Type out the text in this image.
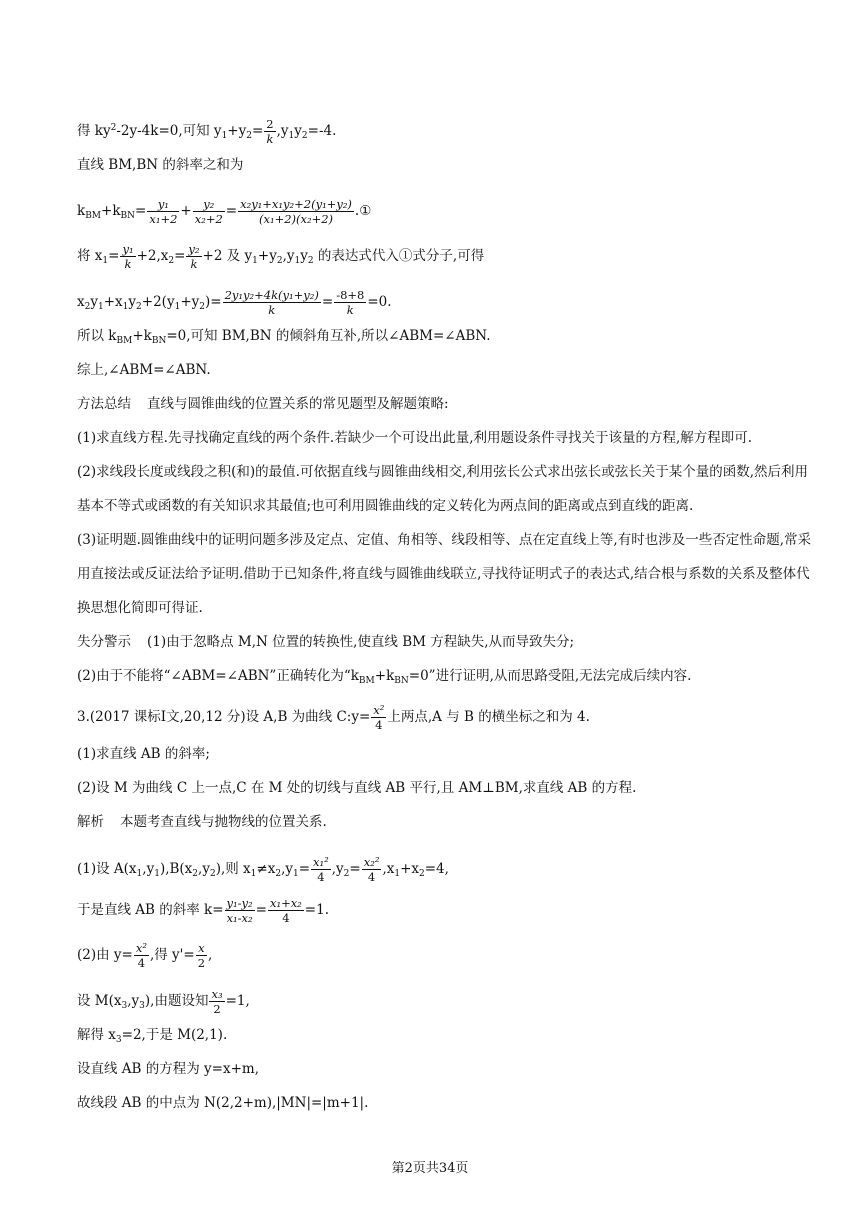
得 $ky^2-2y-4k=0$,可知 $y_1+y_2= \frac{2}{k} ,y_1y_2=-4$.
直线 BM,BN 的斜率之和为
$k_{BM}+k_{BN}= \frac{\text{y₁}}{\text{x₁+2}} + \frac{\text{y₂}}{\text{x₂+2}} = \frac{\text{x₂y₁+x₁y₂+2(y₁+y₂)}}{\text{(x₁+2)(x₂+2)}}$ .①
将 $x_1= \frac{\text{y₁}}{k} +2,x_2= \frac{\text{y₂}}{k} +2$ 及 $y_1+y_2,y_1y_2$ 的表达式代入①式分子,可得
$x_2y_1+x_1y_2+2(y_1+y_2)= \frac{\text{2y₁y₂+4k(y₁+y₂)}}{k} = \frac{-8+8}{k} =0$.
所以 $k_{BM}+k_{BN}=0$,可知 BM,BN 的倾斜角互补,所以∠ABM=∠ABN.
综上,∠ABM=∠ABN.
方法总结 直线与圆锥曲线的位置关系的常见题型及解题策略:
(1)求直线方程.先寻找确定直线的两个条件.若缺少一个可设出此量,利用题设条件寻找关于该量的方程,解方程即可.
(2)求线段长度或线段之积(和)的最值.可依据直线与圆锥曲线相交,利用弦长公式求出弦长或弦长关于某个量的函数,然后利用
基本不等式或函数的有关知识求其最值;也可利用圆锥曲线的定义转化为两点间的距离或点到直线的距离.
(3)证明题.圆锥曲线中的证明问题多涉及定点、定值、角相等、线段相等、点在定直线上等,有时也涉及一些否定性命题,常采
用直接法或反证法给予证明.借助于已知条件,将直线与圆锥曲线联立,寻找待证明式子的表达式,结合根与系数的关系及整体代
换思想化简即可得证.
失分警示 (1)由于忽略点 M,N 位置的转换性,使直线 BM 方程缺失,从而导致失分;
(2)由于不能将“∠ABM=∠ABN”正确转化为“$k_{BM}+k_{BN}=0$”进行证明,从而思路受阻,无法完成后续内容.
3.(2017 课标Ⅰ文,20,12 分)设 A,B 为曲线 C:y= $\frac{\text{x²}}{4}$ 上两点,A 与 B 的横坐标之和为 4.
(1)求直线 AB 的斜率;
(2)设 M 为曲线 C 上一点,C 在 M 处的切线与直线 AB 平行,且 AM⊥BM,求直线 AB 的方程.
解析 本题考查直线与抛物线的位置关系.
(1)设 $A(x_1,y_1),B(x_2,y_2)$,则 $x_1\ne x_2,y_1= \frac{\text{x₁²}}{4} ,y_2= \frac{\text{x₂²}}{4} ,x_1+x_2=4$,
于是直线 AB 的斜率 $k= \frac{\text{y₁-y₂}}{\text{x₁-x₂}} = \frac{\text{x₁+x₂}}{4} =1$.
(2)由 $y= \frac{\text{x²}}{4}$ ,得 $y'= \frac{x}{2}$ ,
设 $M(x_3,y_3)$,由题设知 $\frac{\text{x₃}}{2} =1$,
解得 $x_3=2$,于是 M(2,1).
设直线 AB 的方程为 y=x+m,
故线段 AB 的中点为 N(2,2+m),|MN|=|m+1|.
第2页共34页
